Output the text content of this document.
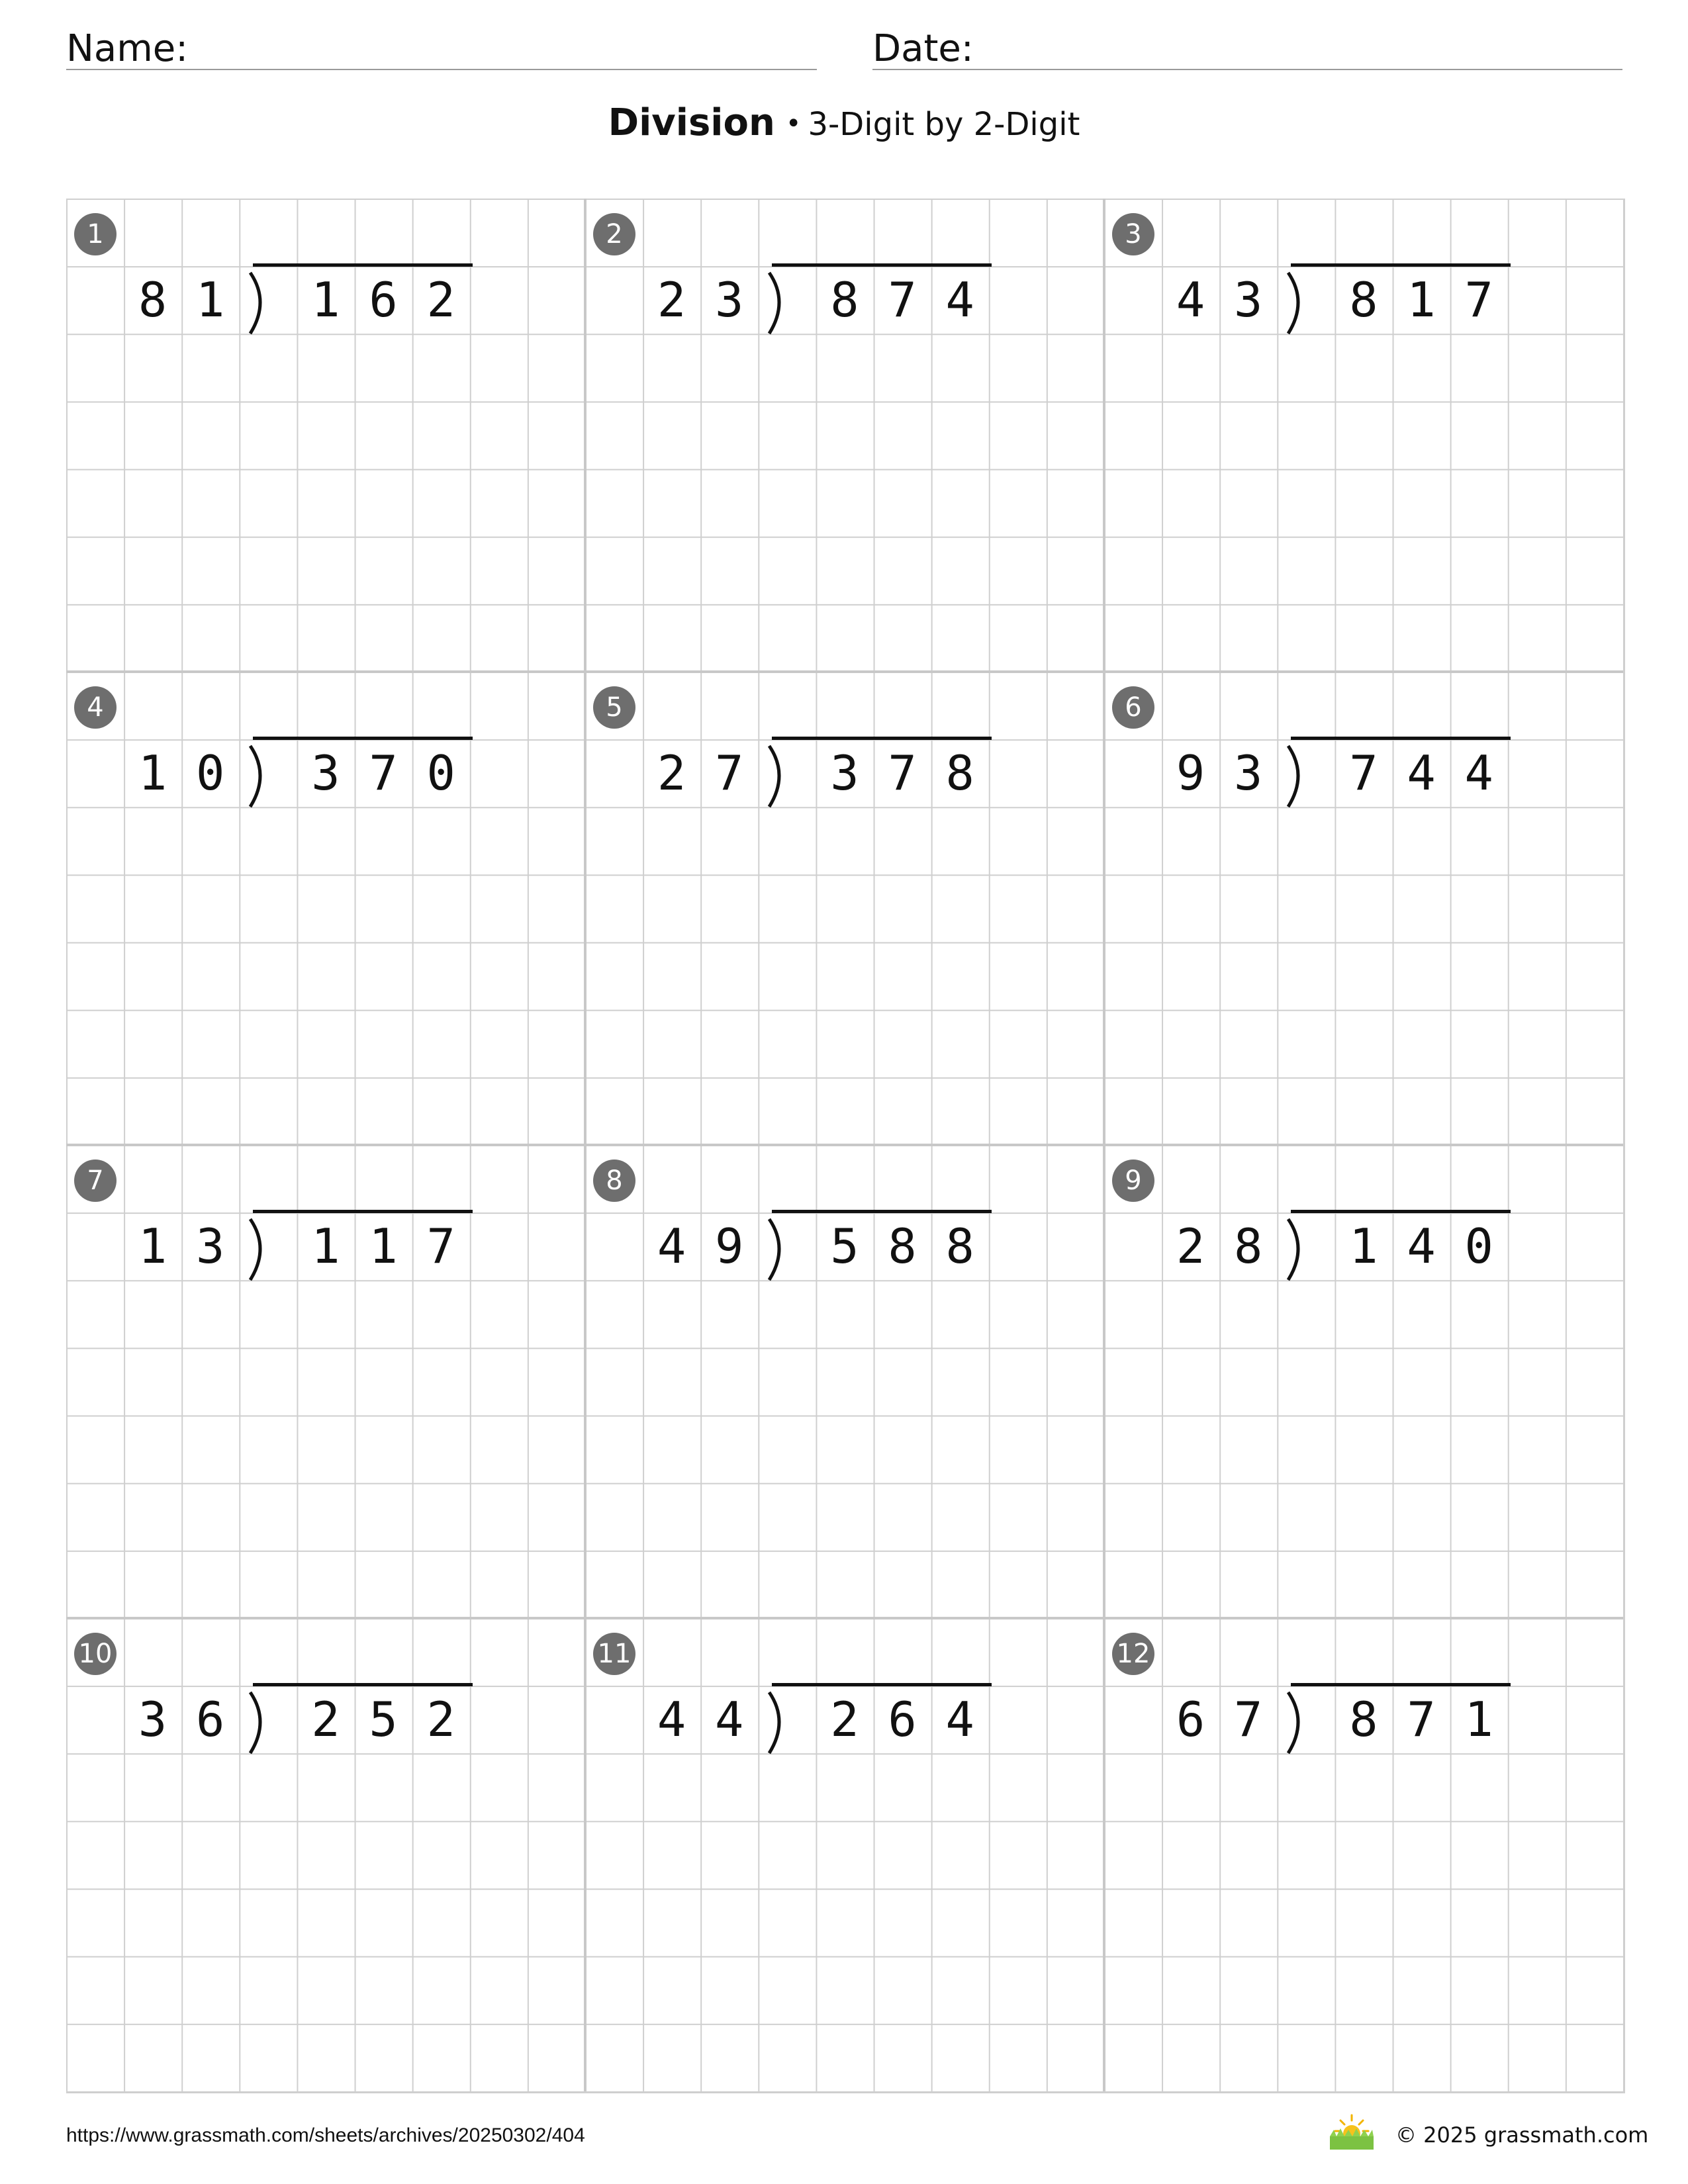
Name:	Date:
Division • 3-Digit by 2-Digit
1
8 1	1 6 2
2
2 3	8 7 4
3
4 3	8 1 7
4
1 0	3 7 0
5
2 7	3 7 8
6
9 3	7 4 4
7
1 3	1 1 7
8
4 9	5 8 8
9
2 8	1 4 0
10
3 6	2 5 2
11
4 4	2 6 4
12
6 7	8 7 1
https://www.grassmath.com/sheets/archives/20250302/404	© 2025 grassmath.com
